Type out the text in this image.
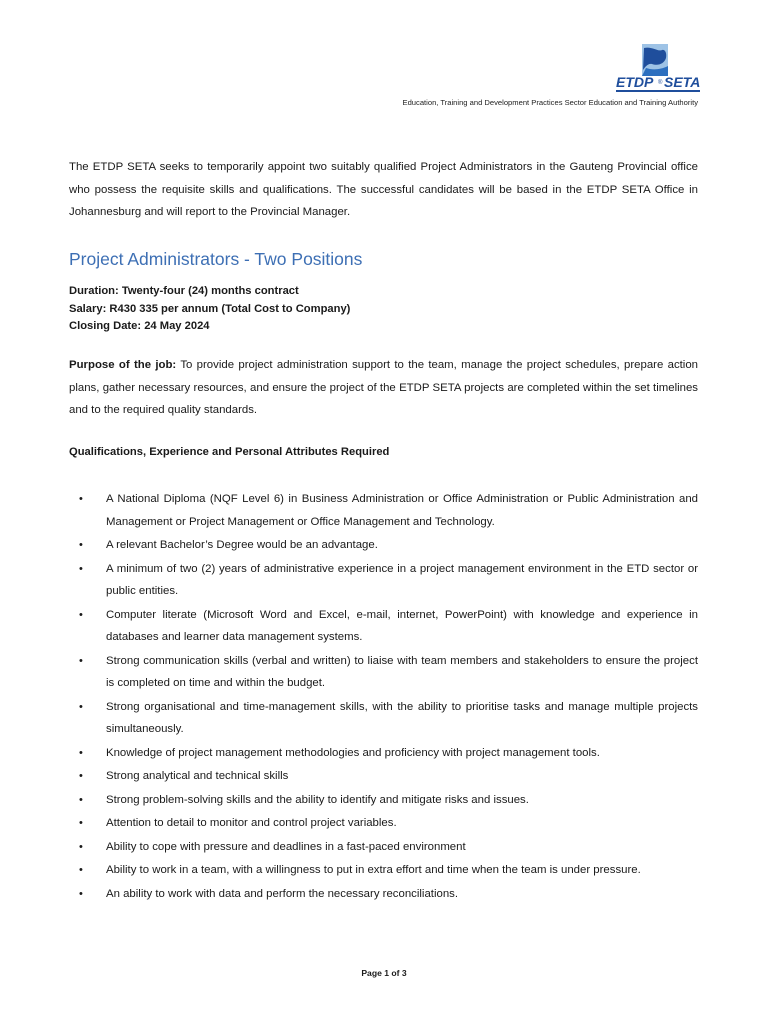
ETDP ® SETA
Education, Training and Development Practices Sector Education and Training Authority

The ETDP SETA seeks to temporarily appoint two suitably qualified Project Administrators in the Gauteng Provincial office who possess the requisite skills and qualifications. The successful candidates will be based in the ETDP SETA Office in Johannesburg and will report to the Provincial Manager.

Project Administrators - Two Positions
Duration: Twenty-four (24) months contract
Salary: R430 335 per annum (Total Cost to Company)
Closing Date: 24 May 2024

Purpose of the job: To provide project administration support to the team, manage the project schedules, prepare action plans, gather necessary resources, and ensure the project of the ETDP SETA projects are completed within the set timelines and to the required quality standards.

Qualifications, Experience and Personal Attributes Required
• A National Diploma (NQF Level 6) in Business Administration or Office Administration or Public Administration and Management or Project Management or Office Management and Technology.
• A relevant Bachelor’s Degree would be an advantage.
• A minimum of two (2) years of administrative experience in a project management environment in the ETD sector or public entities.
• Computer literate (Microsoft Word and Excel, e-mail, internet, PowerPoint) with knowledge and experience in databases and learner data management systems.
• Strong communication skills (verbal and written) to liaise with team members and stakeholders to ensure the project is completed on time and within the budget.
• Strong organisational and time-management skills, with the ability to prioritise tasks and manage multiple projects simultaneously.
• Knowledge of project management methodologies and proficiency with project management tools.
• Strong analytical and technical skills
• Strong problem-solving skills and the ability to identify and mitigate risks and issues.
• Attention to detail to monitor and control project variables.
• Ability to cope with pressure and deadlines in a fast-paced environment
• Ability to work in a team, with a willingness to put in extra effort and time when the team is under pressure.
• An ability to work with data and perform the necessary reconciliations.
Page 1 of 3
